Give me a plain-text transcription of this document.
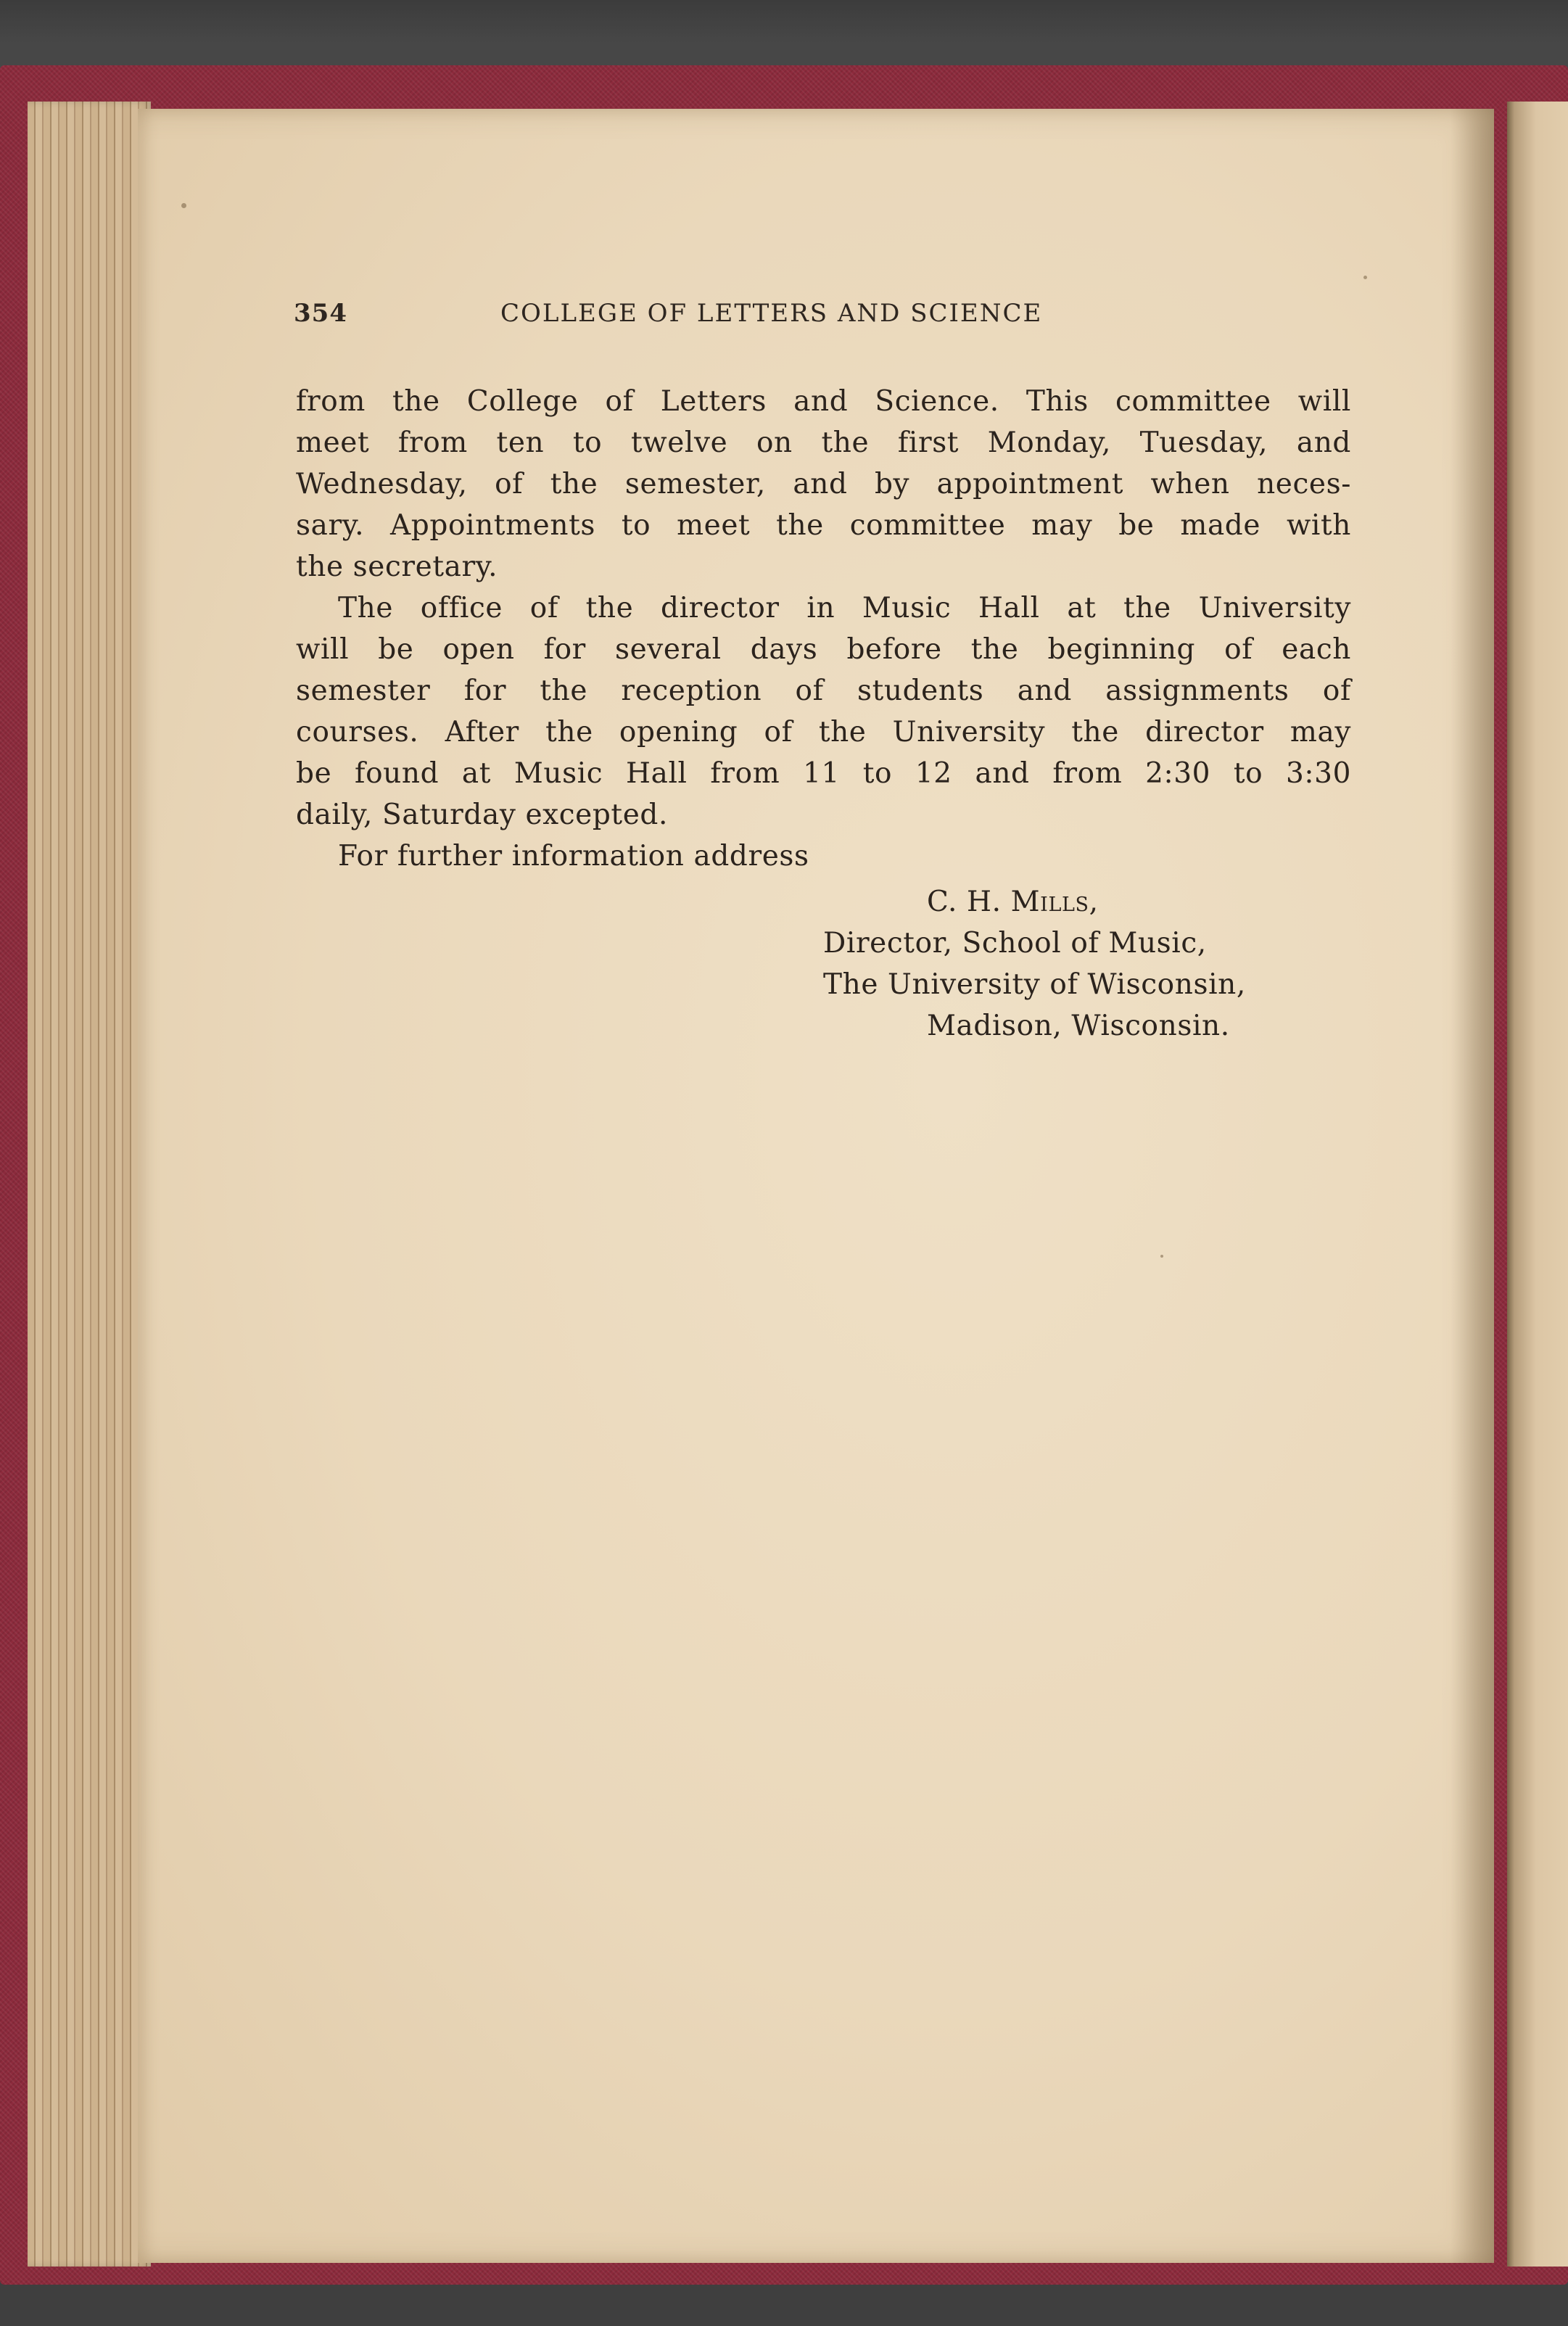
354	COLLEGE OF LETTERS AND SCIENCE
from the College of Letters and Science. This committee will
meet from ten to twelve on the first Monday, Tuesday, and
Wednesday, of the semester, and by appointment when neces-
sary. Appointments to meet the committee may be made with
the secretary.
The office of the director in Music Hall at the University
will be open for several days before the beginning of each
semester for the reception of students and assignments of
courses. After the opening of the University the director may
be found at Music Hall from 11 to 12 and from 2:30 to 3:30
daily, Saturday excepted.
For further information address
C. H. Mills,
Director, School of Music,
The University of Wisconsin,
Madison, Wisconsin.
